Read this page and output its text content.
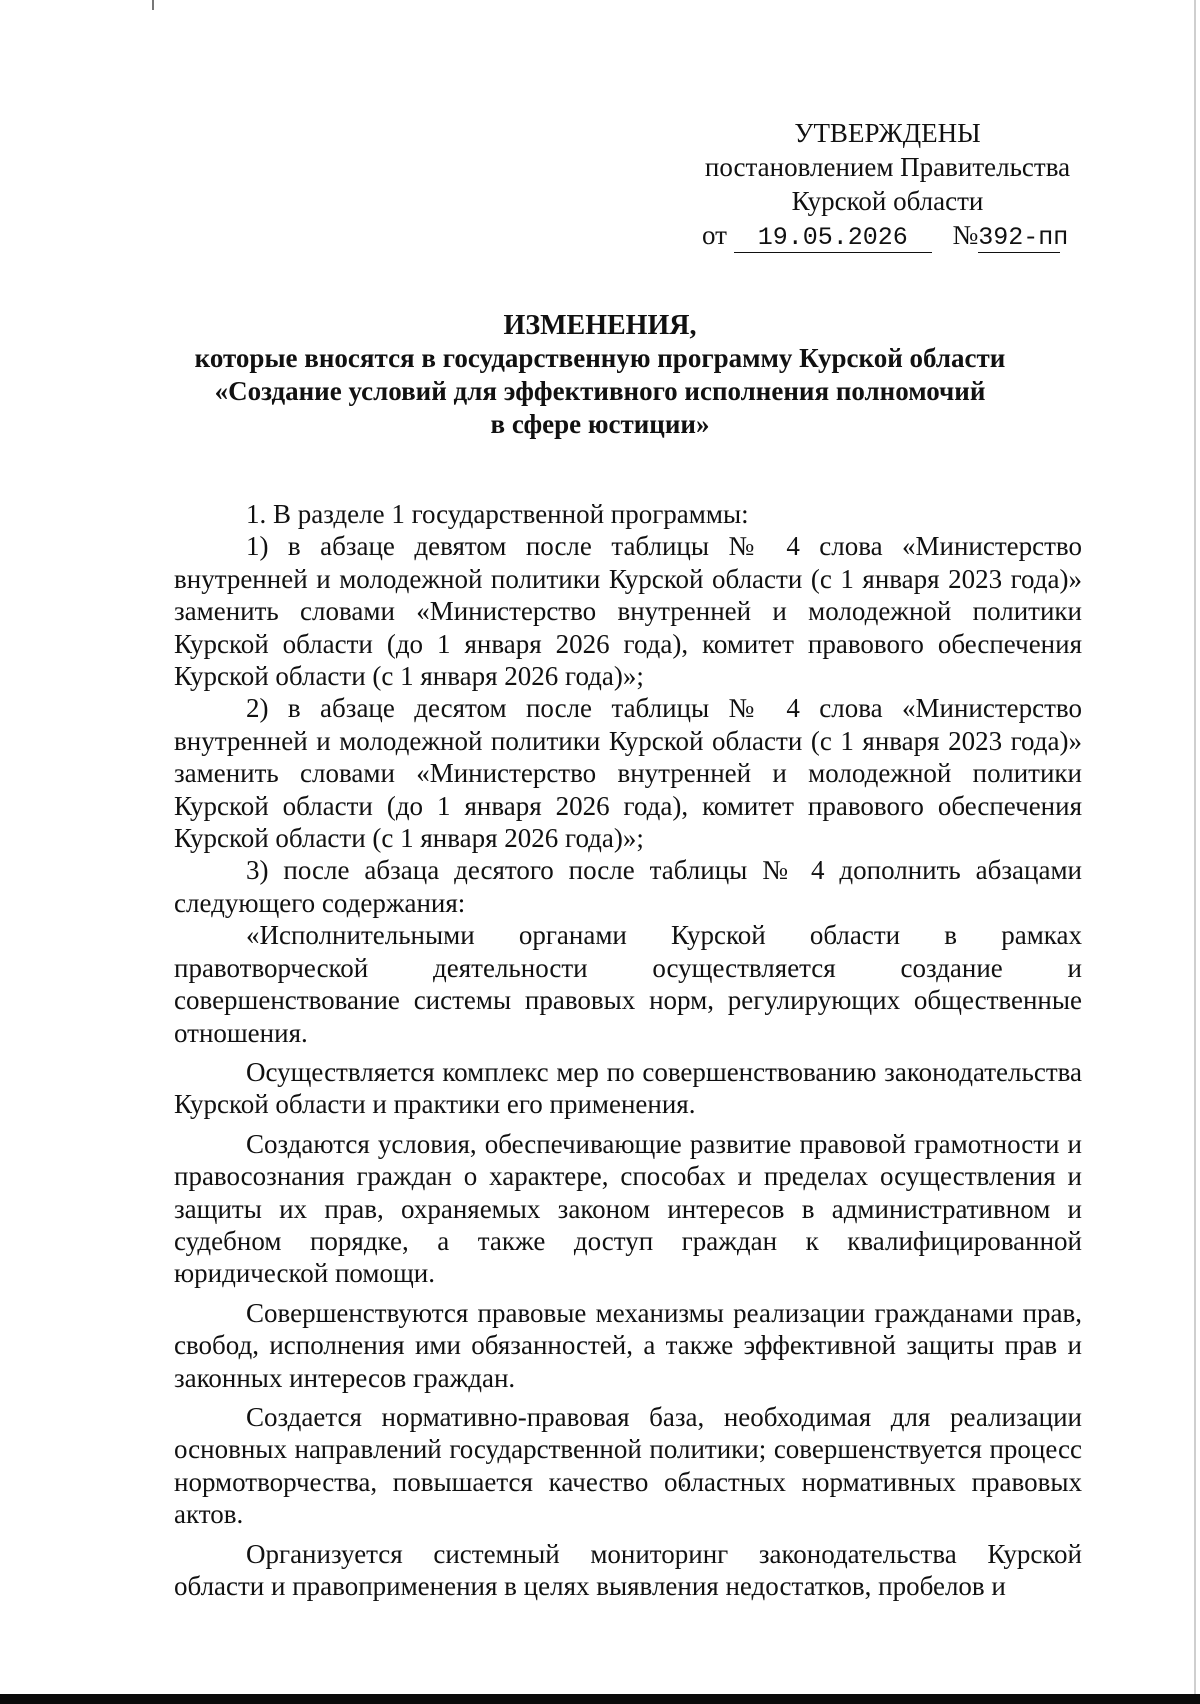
УТВЕРЖДЕНЫ
постановлением Правительства
Курской области
от 19.05.2026 №392-пп
ИЗМЕНЕНИЯ,
которые вносятся в государственную программу Курской области
«Создание условий для эффективного исполнения полномочий
в сфере юстиции»

1. В разделе 1 государственной программы:

1) в абзаце девятом после таблицы № 4 слова «Министерство внутренней и молодежной политики Курской области (с 1 января 2023 года)» заменить словами «Министерство внутренней и молодежной политики Курской области (до 1 января 2026 года), комитет правового обеспечения Курской области (с 1 января 2026 года)»;

2) в абзаце десятом после таблицы № 4 слова «Министерство внутренней и молодежной политики Курской области (с 1 января 2023 года)» заменить словами «Министерство внутренней и молодежной политики Курской области (до 1 января 2026 года), комитет правового обеспечения Курской области (с 1 января 2026 года)»;

3) после абзаца десятого после таблицы № 4 дополнить абзацами следующего содержания:

«Исполнительными органами Курской области в рамках правотворческой деятельности осуществляется создание и совершенствование системы правовых норм, регулирующих общественные отношения.

Осуществляется комплекс мер по совершенствованию законодательства Курской области и практики его применения.

Создаются условия, обеспечивающие развитие правовой грамотности и правосознания граждан о характере, способах и пределах осуществления и защиты их прав, охраняемых законом интересов в административном и судебном порядке, а также доступ граждан к квалифицированной юридической помощи.

Совершенствуются правовые механизмы реализации гражданами прав, свобод, исполнения ими обязанностей, а также эффективной защиты прав и законных интересов граждан.

Создается нормативно-правовая база, необходимая для реализации основных направлений государственной политики; совершенствуется процесс нормотворчества, повышается качество областных нормативных правовых актов.

Организуется системный мониторинг законодательства Курской области и правоприменения в целях выявления недостатков, пробелов и
